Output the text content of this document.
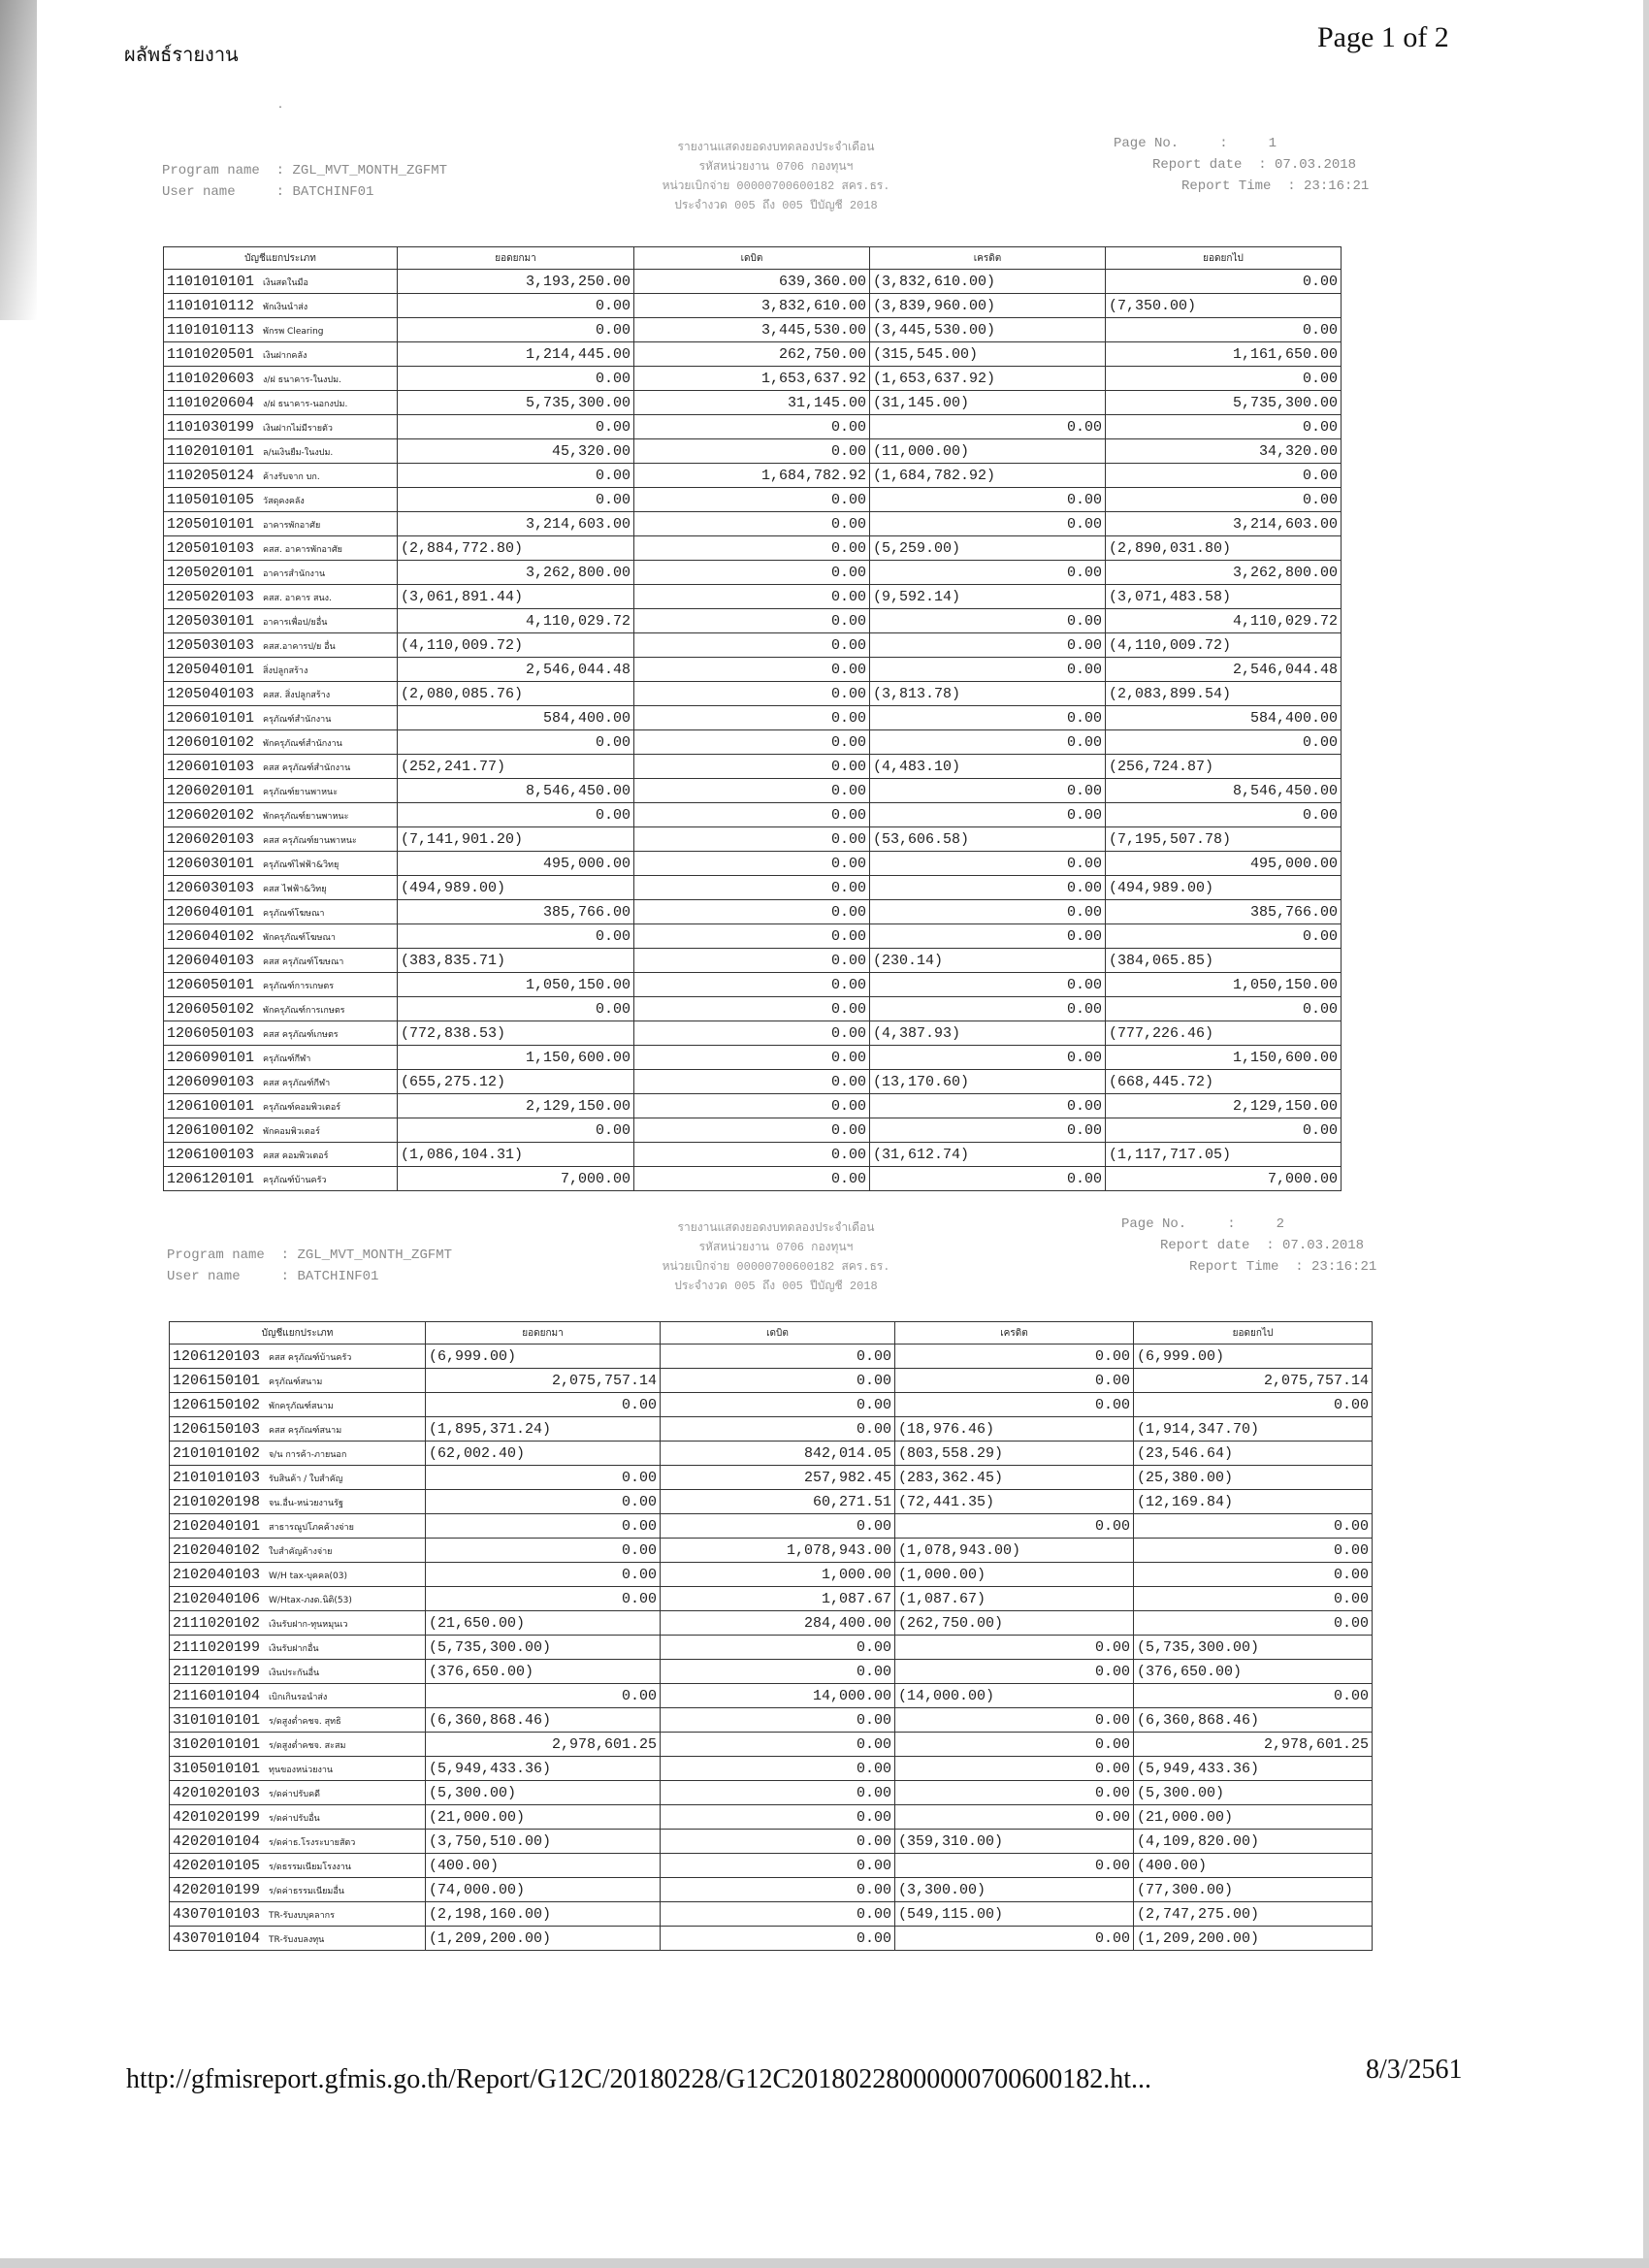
ผลัพธ์รายงาน
Page 1 of 2
·
Program name  : ZGL_MVT_MONTH_ZGFMT
User name     : BATCHINF01
รายงานแสดงยอดงบทดลองประจำเดือน
รหัสหน่วยงาน 0706 กองทุนฯ
หน่วยเบิกจ่าย 00000700600182 สคร.ธร.
ประจำงวด 005 ถึง 005 ปีบัญชี 2018
Page No.     :	1
Report date  : 07.03.2018
Report Time  : 23:16:21
บัญชีแยกประเภท	ยอดยกมา	เดบิต	เครดิต	ยอดยกไป
1101010101 เงินสดในมือ	3,193,250.00	639,360.00	(3,832,610.00)	0.00
1101010112 พักเงินนำส่ง	0.00	3,832,610.00	(3,839,960.00)	(7,350.00)
1101010113 พักรพ Clearing	0.00	3,445,530.00	(3,445,530.00)	0.00
1101020501 เงินฝากคลัง	1,214,445.00	262,750.00	(315,545.00)	1,161,650.00
1101020603 ง/ฝ ธนาคาร-ในงปม.	0.00	1,653,637.92	(1,653,637.92)	0.00
1101020604 ง/ฝ ธนาคาร-นอกงปม.	5,735,300.00	31,145.00	(31,145.00)	5,735,300.00
1101030199 เงินฝากไม่มีรายตัว	0.00	0.00	0.00	0.00
1102010101 ล/นเงินยืม-ในงปม.	45,320.00	0.00	(11,000.00)	34,320.00
1102050124 ค้างรับจาก บก.	0.00	1,684,782.92	(1,684,782.92)	0.00
1105010105 วัสดุคงคลัง	0.00	0.00	0.00	0.00
1205010101 อาคารพักอาศัย	3,214,603.00	0.00	0.00	3,214,603.00
1205010103 คสส. อาคารพักอาศัย	(2,884,772.80)	0.00	(5,259.00)	(2,890,031.80)
1205020101 อาคารสำนักงาน	3,262,800.00	0.00	0.00	3,262,800.00
1205020103 คสส. อาคาร สนง.	(3,061,891.44)	0.00	(9,592.14)	(3,071,483.58)
1205030101 อาคารเพื่อป/ยอื่น	4,110,029.72	0.00	0.00	4,110,029.72
1205030103 คสส.อาคารป/ย อื่น	(4,110,009.72)	0.00	0.00	(4,110,009.72)
1205040101 สิ่งปลูกสร้าง	2,546,044.48	0.00	0.00	2,546,044.48
1205040103 คสส. สิ่งปลูกสร้าง	(2,080,085.76)	0.00	(3,813.78)	(2,083,899.54)
1206010101 ครุภัณฑ์สำนักงาน	584,400.00	0.00	0.00	584,400.00
1206010102 พักครุภัณฑ์สำนักงาน	0.00	0.00	0.00	0.00
1206010103 คสส ครุภัณฑ์สำนักงาน	(252,241.77)	0.00	(4,483.10)	(256,724.87)
1206020101 ครุภัณฑ์ยานพาหนะ	8,546,450.00	0.00	0.00	8,546,450.00
1206020102 พักครุภัณฑ์ยานพาหนะ	0.00	0.00	0.00	0.00
1206020103 คสส ครุภัณฑ์ยานพาหนะ	(7,141,901.20)	0.00	(53,606.58)	(7,195,507.78)
1206030101 ครุภัณฑ์ไฟฟ้า&วิทยุ	495,000.00	0.00	0.00	495,000.00
1206030103 คสส ไฟฟ้า&วิทยุ	(494,989.00)	0.00	0.00	(494,989.00)
1206040101 ครุภัณฑ์โฆษณา	385,766.00	0.00	0.00	385,766.00
1206040102 พักครุภัณฑ์โฆษณา	0.00	0.00	0.00	0.00
1206040103 คสส ครุภัณฑ์โฆษณา	(383,835.71)	0.00	(230.14)	(384,065.85)
1206050101 ครุภัณฑ์การเกษตร	1,050,150.00	0.00	0.00	1,050,150.00
1206050102 พักครุภัณฑ์การเกษตร	0.00	0.00	0.00	0.00
1206050103 คสส ครุภัณฑ์เกษตร	(772,838.53)	0.00	(4,387.93)	(777,226.46)
1206090101 ครุภัณฑ์กีฬา	1,150,600.00	0.00	0.00	1,150,600.00
1206090103 คสส ครุภัณฑ์กีฬา	(655,275.12)	0.00	(13,170.60)	(668,445.72)
1206100101 ครุภัณฑ์คอมพิวเตอร์	2,129,150.00	0.00	0.00	2,129,150.00
1206100102 พักคอมพิวเตอร์	0.00	0.00	0.00	0.00
1206100103 คสส คอมพิวเตอร์	(1,086,104.31)	0.00	(31,612.74)	(1,117,717.05)
1206120101 ครุภัณฑ์บ้านครัว	7,000.00	0.00	0.00	7,000.00
Program name  : ZGL_MVT_MONTH_ZGFMT
User name     : BATCHINF01
รายงานแสดงยอดงบทดลองประจำเดือน
รหัสหน่วยงาน 0706 กองทุนฯ
หน่วยเบิกจ่าย 00000700600182 สคร.ธร.
ประจำงวด 005 ถึง 005 ปีบัญชี 2018
Page No.     :	2
Report date  : 07.03.2018
Report Time  : 23:16:21
บัญชีแยกประเภท	ยอดยกมา	เดบิต	เครดิต	ยอดยกไป
1206120103 คสส ครุภัณฑ์บ้านครัว	(6,999.00)	0.00	0.00	(6,999.00)
1206150101 ครุภัณฑ์สนาม	2,075,757.14	0.00	0.00	2,075,757.14
1206150102 พักครุภัณฑ์สนาม	0.00	0.00	0.00	0.00
1206150103 คสส ครุภัณฑ์สนาม	(1,895,371.24)	0.00	(18,976.46)	(1,914,347.70)
2101010102 จ/น การค้า-ภายนอก	(62,002.40)	842,014.05	(803,558.29)	(23,546.64)
2101010103 รับสินค้า / ใบสำคัญ	0.00	257,982.45	(283,362.45)	(25,380.00)
2101020198 จน.อื่น-หน่วยงานรัฐ	0.00	60,271.51	(72,441.35)	(12,169.84)
2102040101 สาธารณูปโภคค้างจ่าย	0.00	0.00	0.00	0.00
2102040102 ใบสำคัญค้างจ่าย	0.00	1,078,943.00	(1,078,943.00)	0.00
2102040103 W/H tax-บุคคล(03)	0.00	1,000.00	(1,000.00)	0.00
2102040106 W/Htax-ภงด.นิติ(53)	0.00	1,087.67	(1,087.67)	0.00
2111020102 เงินรับฝาก-ทุนหมุนเว	(21,650.00)	284,400.00	(262,750.00)	0.00
2111020199 เงินรับฝากอื่น	(5,735,300.00)	0.00	0.00	(5,735,300.00)
2112010199 เงินประกันอื่น	(376,650.00)	0.00	0.00	(376,650.00)
2116010104 เบิกเกินรอนำส่ง	0.00	14,000.00	(14,000.00)	0.00
3101010101 ร/ดสูงต่ำคชจ. สุทธิ	(6,360,868.46)	0.00	0.00	(6,360,868.46)
3102010101 ร/ดสูงต่ำคชจ. สะสม	2,978,601.25	0.00	0.00	2,978,601.25
3105010101 ทุนของหน่วยงาน	(5,949,433.36)	0.00	0.00	(5,949,433.36)
4201020103 ร/ดค่าปรับคดี	(5,300.00)	0.00	0.00	(5,300.00)
4201020199 ร/ดค่าปรับอื่น	(21,000.00)	0.00	0.00	(21,000.00)
4202010104 ร/ดค่าธ.โรงระบายสัตว	(3,750,510.00)	0.00	(359,310.00)	(4,109,820.00)
4202010105 ร/ดธรรมเนียมโรงงาน	(400.00)	0.00	0.00	(400.00)
4202010199 ร/ดค่าธรรมเนียมอื่น	(74,000.00)	0.00	(3,300.00)	(77,300.00)
4307010103 TR-รับงบบุคลากร	(2,198,160.00)	0.00	(549,115.00)	(2,747,275.00)
4307010104 TR-รับงบลงทุน	(1,209,200.00)	0.00	0.00	(1,209,200.00)
http://gfmisreport.gfmis.go.th/Report/G12C/20180228/G12C20180228000000700600182.ht...	8/3/2561
